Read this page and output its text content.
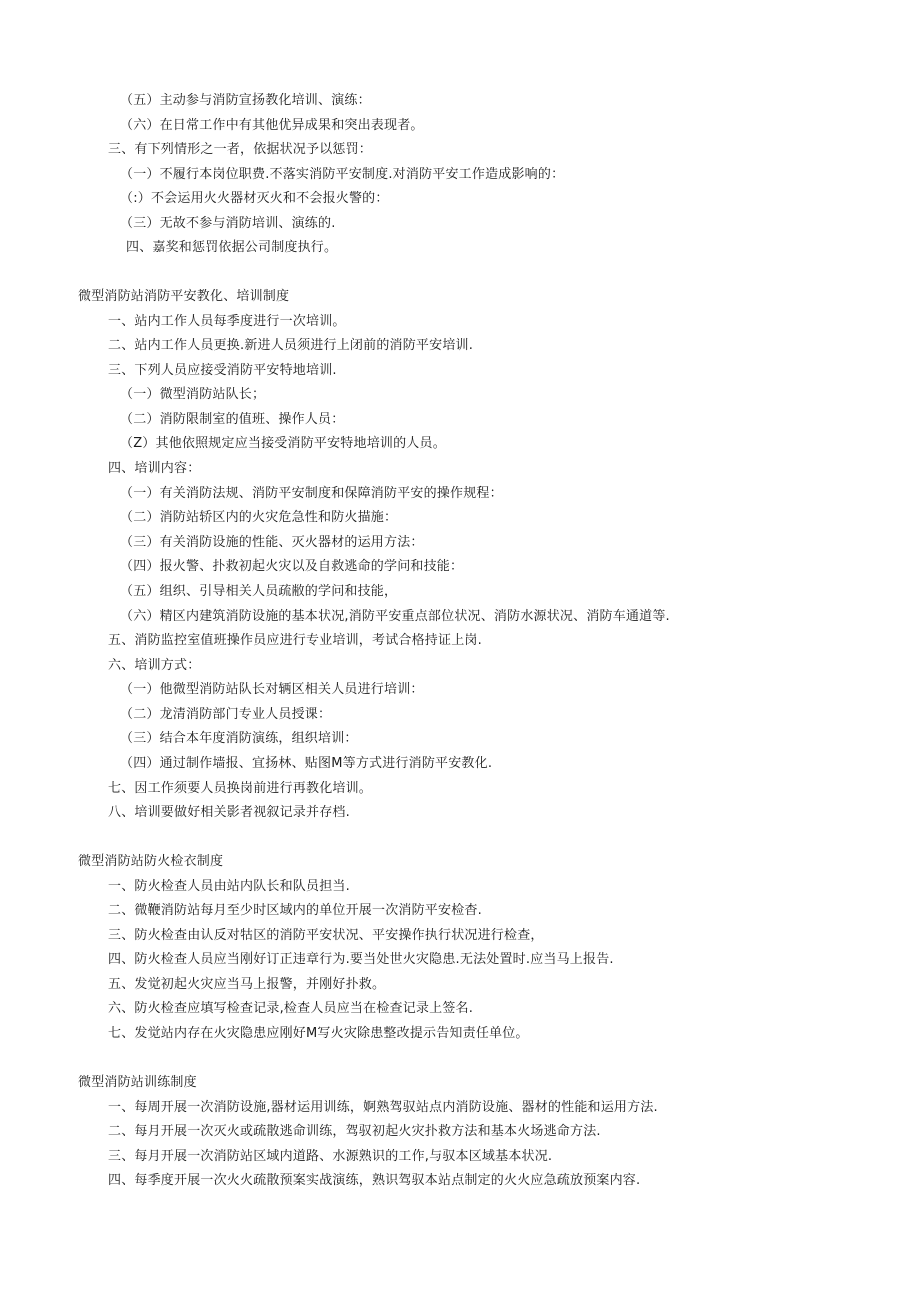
（五）主动参与消防宣扬教化培训、演练：
（六）在日常工作中有其他优异成果和突出表现者。
三、有下列情形之一者，依据状况予以惩罚：
（一）不履行本岗位职费.不落实消防平安制度.对消防平安工作造成影响的：
（:）不会运用火火器材灭火和不会报火警的：
（三）无故不参与消防培训、演练的.
四、嘉奖和惩罚依据公司制度执行。
微型消防站消防平安教化、培训制度
一、站内工作人员每季度进行一次培训。
二、站内工作人员更换.新进人员须进行上闭前的消防平安培训.
三、下列人员应接受消防平安特地培训.
（一）微型消防站队长；
（二）消防限制室的值班、操作人员：
（Z）其他依照规定应当接受消防平安特地培训的人员。
四、培训内容：
（一）有关消防法规、消防平安制度和保障消防平安的操作规程：
（二）消防站轿区内的火灾危急性和防火描施：
（三）有关消防设施的性能、灭火器材的运用方法：
（四）报火警、扑救初起火灾以及自救逃命的学问和技能：
（五）组织、引导相关人员疏敝的学问和技能，
（六）精区内建筑消防设施的基本状况,消防平安重点部位状况、消防水源状况、消防车通道等.
五、消防监控室值班操作员应进行专业培训，考试合格持证上岗.
六、培训方式：
（一）他微型消防站队长对辆区相关人员进行培训：
（二）龙清消防部门专业人员授课：
（三）结合本年度消防演练，组织培训：
（四）通过制作墙报、宜扬林、贴图M等方式进行消防平安教化.
七、因工作须要人员换岗前进行再教化培训。
八、培训要做好相关影者视叙记录并存档.
微型消防站防火检衣制度
一、防火检查人员由站内队长和队员担当.
二、微鞭消防站每月至少时区域内的单位开展一次消防平安检杳.
三、防火检查由认反对牯区的消防平安状况、平安操作执行状况进行检查，
四、防火检查人员应当刚好订正违章行为.要当处世火灾隐患.无法处置时.应当马上报告.
五、发觉初起火灾应当马上报警，并刚好扑救。
六、防火检查应填写检查记录,检查人员应当在检查记录上签名.
七、发觉站内存在火灾隐患应刚好M写火灾除患整改提示告知责任单位。
微型消防站训练制度
一、每周开展一次消防设施,器材运用训练，婀熟驾驭站点内消防设施、器材的性能和运用方法.
二、每月开展一次灭火或疏散逃命训练，驾驭初起火灾扑救方法和基本火场逃命方法.
三、每月开展一次消防站区域内道路、水源熟识的工作,与驭本区域基本状况.
四、每季度开展一次火火疏散预案实战演练，熟识驾驭本站点制定的火火应急疏放预案内容.
